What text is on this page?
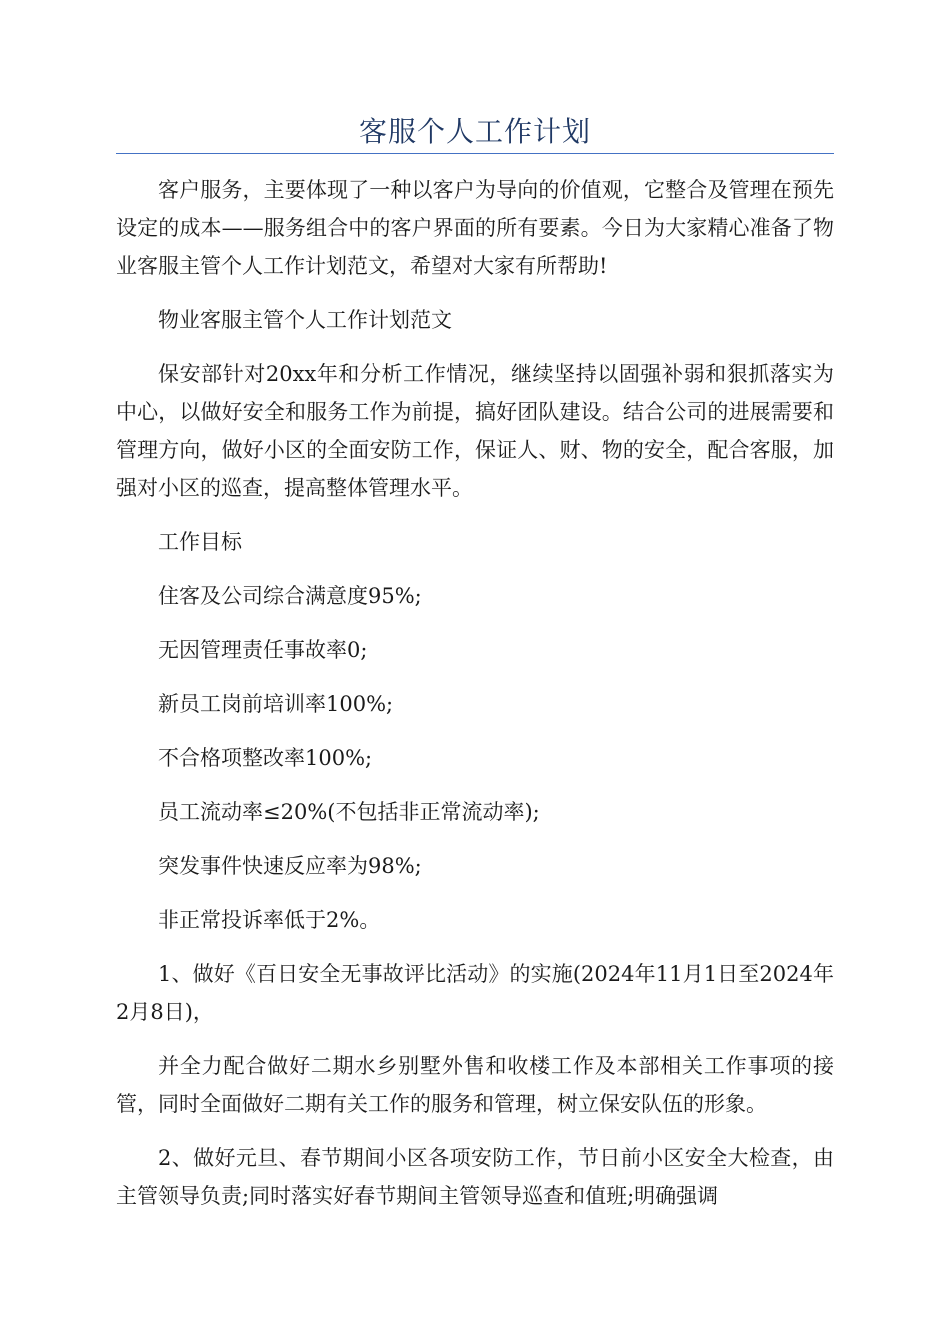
客服个人工作计划

客户服务，主要体现了一种以客户为导向的价值观，它整合及管理在预先设定的成本——服务组合中的客户界面的所有要素。今日为大家精心准备了物业客服主管个人工作计划范文，希望对大家有所帮助!

物业客服主管个人工作计划范文

保安部针对20xx年和分析工作情况，继续坚持以固强补弱和狠抓落实为中心，以做好安全和服务工作为前提，搞好团队建设。结合公司的进展需要和管理方向，做好小区的全面安防工作，保证人、财、物的安全，配合客服，加强对小区的巡查，提高整体管理水平。

工作目标

住客及公司综合满意度95%;

无因管理责任事故率0;

新员工岗前培训率100%;

不合格项整改率100%;

员工流动率≤20%(不包括非正常流动率);

突发事件快速反应率为98%;

非正常投诉率低于2%。

1、做好《百日安全无事故评比活动》的实施(2024年11月1日至2024年2月8日)，

并全力配合做好二期水乡别墅外售和收楼工作及本部相关工作事项的接管，同时全面做好二期有关工作的服务和管理，树立保安队伍的形象。

2、做好元旦、春节期间小区各项安防工作，节日前小区安全大检查，由主管领导负责;同时落实好春节期间主管领导巡查和值班;明确强调
